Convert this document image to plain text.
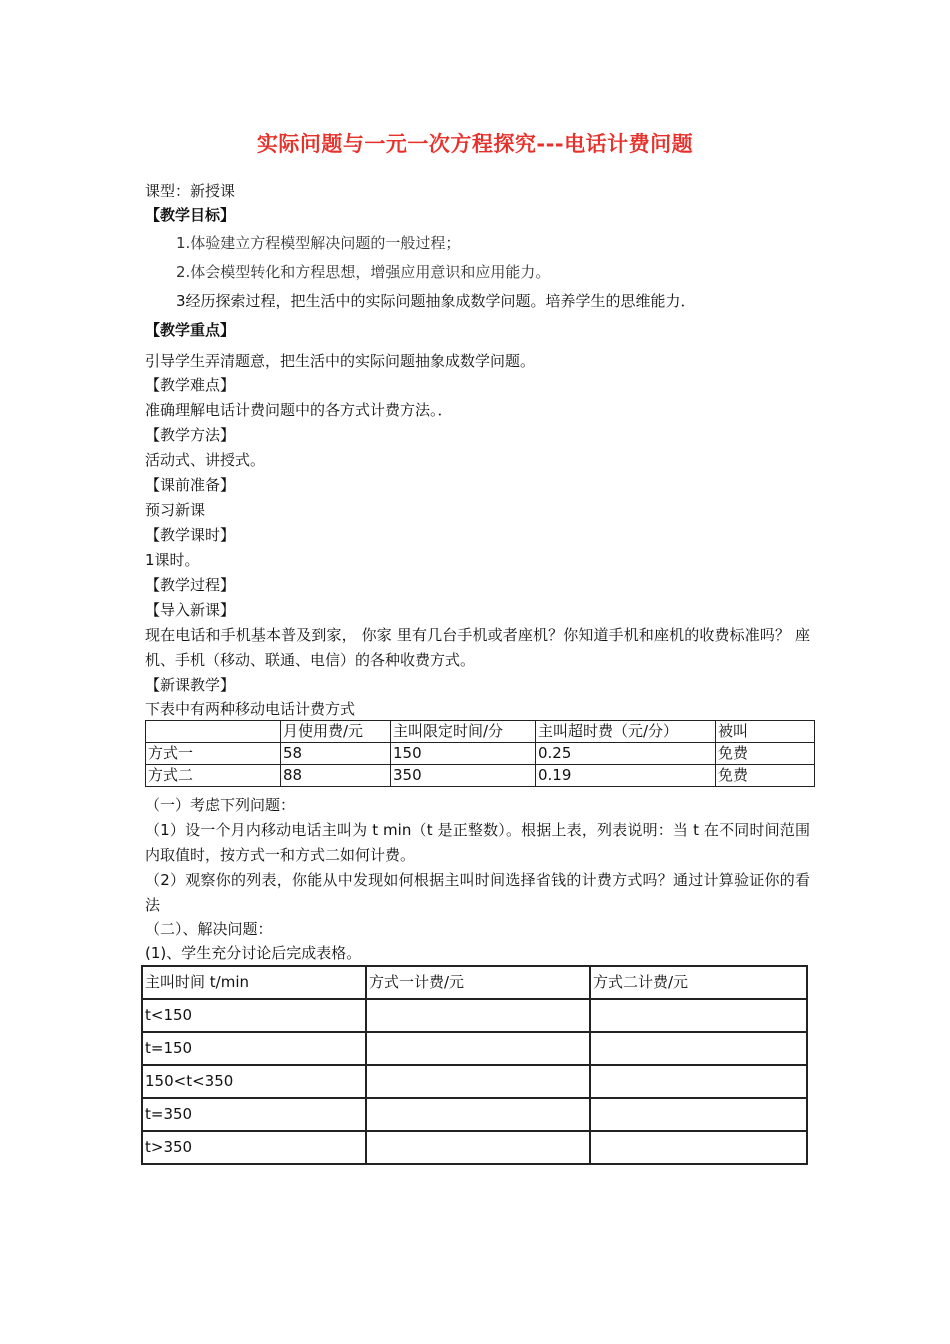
实际问题与一元一次方程探究---电话计费问题
课型：新授课
【教学目标】
1.体验建立方程模型解决问题的一般过程；
2.体会模型转化和方程思想，增强应用意识和应用能力。
3经历探索过程，把生活中的实际问题抽象成数学问题。培养学生的思维能力．
【教学重点】
引导学生弄清题意，把生活中的实际问题抽象成数学问题。
【教学难点】
准确理解电话计费问题中的各方式计费方法。．
【教学方法】
活动式、讲授式。
【课前准备】
预习新课
【教学课时】
1课时。
【教学过程】
【导入新课】
现在电话和手机基本普及到家， 你家 里有几台手机或者座机？你知道手机和座机的收费标准吗？ 座机、手机（移动、联通、电信）的各种收费方式。
【新课教学】
下表中有两种移动电话计费方式
	月使用费/元	主叫限定时间/分	主叫超时费（元/分）	被叫
方式一	58	150	0.25	免费
方式二	88	350	0.19	免费
（一）考虑下列问题：
（1）设一个月内移动电话主叫为 t min（t 是正整数）。根据上表，列表说明：当 t 在不同时间范围内取值时，按方式一和方式二如何计费。
（2）观察你的列表，你能从中发现如何根据主叫时间选择省钱的计费方式吗？通过计算验证你的看法
（二）、解决问题：
(1)、学生充分讨论后完成表格。
主叫时间 t/min	方式一计费/元	方式二计费/元
t<150		
t=150		
150<t<350		
t=350		
t>350		
